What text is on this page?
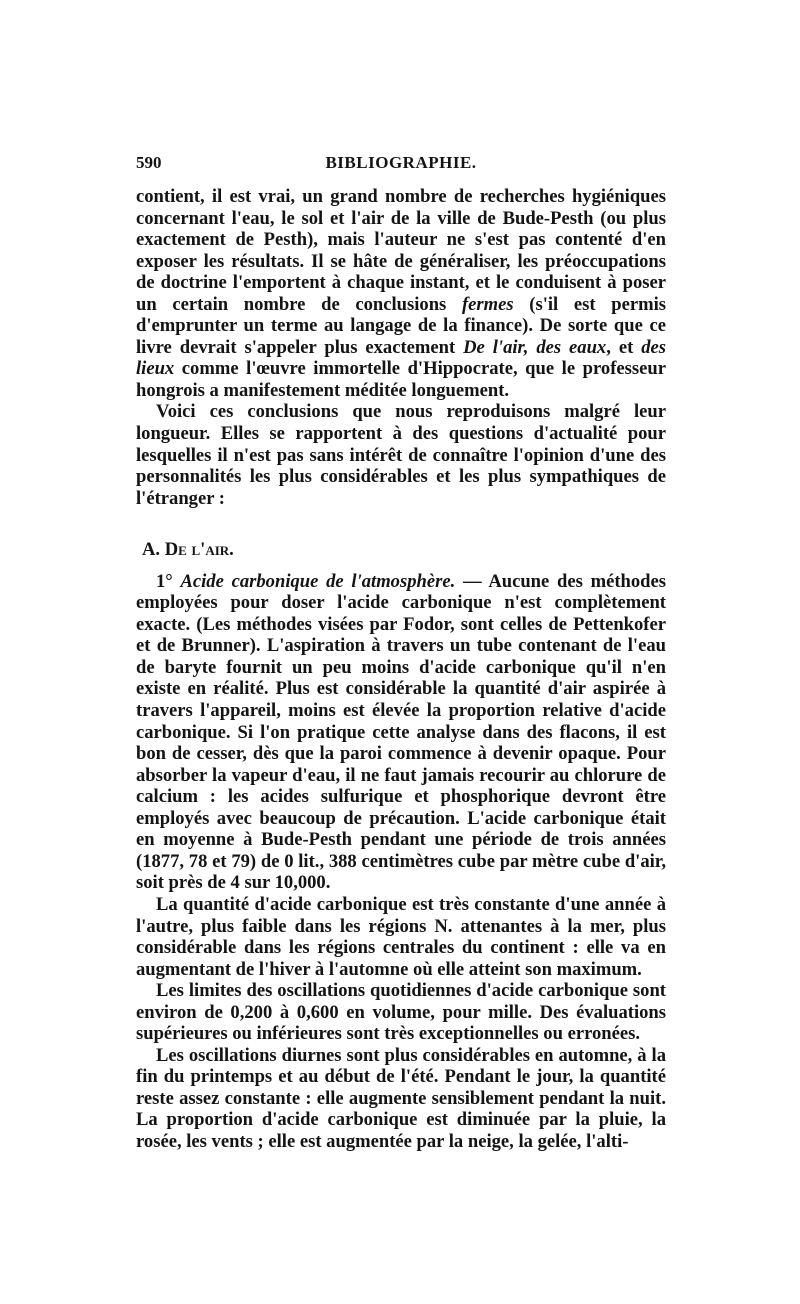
590	BIBLIOGRAPHIE.

contient, il est vrai, un grand nombre de recherches hygiéniques concernant l'eau, le sol et l'air de la ville de Bude-Pesth (ou plus exactement de Pesth), mais l'auteur ne s'est pas contenté d'en exposer les résultats. Il se hâte de généraliser, les préoccupations de doctrine l'emportent à chaque instant, et le conduisent à poser un certain nombre de conclusions fermes (s'il est permis d'emprunter un terme au langage de la finance). De sorte que ce livre devrait s'appeler plus exactement De l'air, des eaux, et des lieux comme l'œuvre immortelle d'Hippocrate, que le professeur hongrois a manifestement méditée longuement.

Voici ces conclusions que nous reproduisons malgré leur longueur. Elles se rapportent à des questions d'actualité pour lesquelles il n'est pas sans intérêt de connaître l'opinion d'une des personnalités les plus considérables et les plus sympathiques de l'étranger :

A. De l'air.

1° Acide carbonique de l'atmosphère. — Aucune des méthodes employées pour doser l'acide carbonique n'est complètement exacte. (Les méthodes visées par Fodor, sont celles de Pettenkofer et de Brunner). L'aspiration à travers un tube contenant de l'eau de baryte fournit un peu moins d'acide carbonique qu'il n'en existe en réalité. Plus est considérable la quantité d'air aspirée à travers l'appareil, moins est élevée la proportion relative d'acide carbonique. Si l'on pratique cette analyse dans des flacons, il est bon de cesser, dès que la paroi commence à devenir opaque. Pour absorber la vapeur d'eau, il ne faut jamais recourir au chlorure de calcium : les acides sulfurique et phosphorique devront être employés avec beaucoup de précaution. L'acide carbonique était en moyenne à Bude-Pesth pendant une période de trois années (1877, 78 et 79) de 0 lit., 388 centimètres cube par mètre cube d'air, soit près de 4 sur 10,000.

La quantité d'acide carbonique est très constante d'une année à l'autre, plus faible dans les régions N. attenantes à la mer, plus considérable dans les régions centrales du continent : elle va en augmentant de l'hiver à l'automne où elle atteint son maximum.

Les limites des oscillations quotidiennes d'acide carbonique sont environ de 0,200 à 0,600 en volume, pour mille. Des évaluations supérieures ou inférieures sont très exceptionnelles ou erronées.

Les oscillations diurnes sont plus considérables en automne, à la fin du printemps et au début de l'été. Pendant le jour, la quantité reste assez constante : elle augmente sensiblement pendant la nuit. La proportion d'acide carbonique est diminuée par la pluie, la rosée, les vents ; elle est augmentée par la neige, la gelée, l'alti-
